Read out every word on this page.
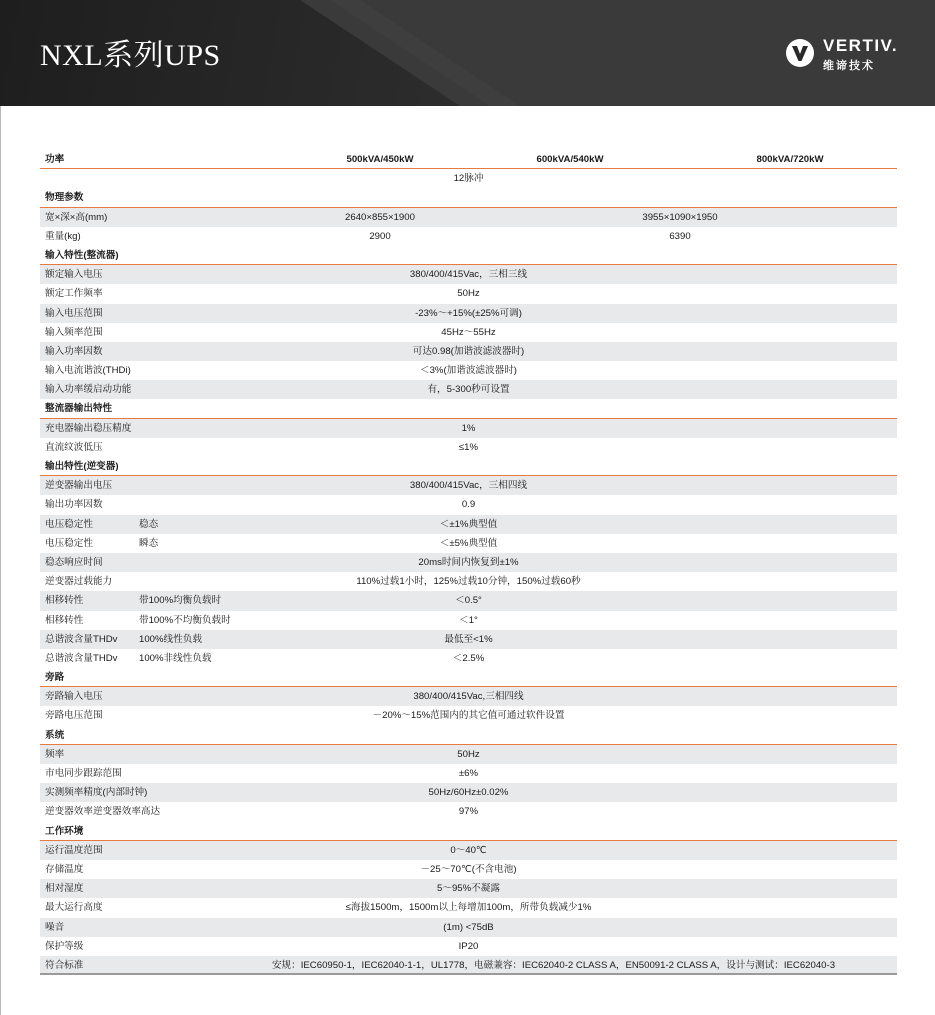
NXL系列UPS	VERTIV.
维谛技术
功率	500kVA/450kW	600kVA/540kW	800kVA/720kW
12脉冲
物理参数
宽×深×高(mm)	2640×855×1900	3955×1090×1950
重量(kg)	2900	6390
输入特性(整流器)
额定输入电压	380/400/415Vac，三相三线
额定工作频率	50Hz
输入电压范围	-23%～+15%(±25%可调)
输入频率范围	45Hz～55Hz
输入功率因数	可达0.98(加谐波滤波器时)
输入电流谐波(THDi)	＜3%(加谐波滤波器时)
输入功率缓启动功能	有，5-300秒可设置
整流器输出特性
充电器输出稳压精度	1%
直流纹波低压	≤1%
输出特性(逆变器)
逆变器输出电压	380/400/415Vac，三相四线
输出功率因数	0.9
电压稳定性	稳态	＜±1%典型值
电压稳定性	瞬态	＜±5%典型值
稳态响应时间	20ms时间内恢复到±1%
逆变器过载能力	110%过载1小时，125%过载10分钟，150%过载60秒
相移转性	带100%均衡负载时	＜0.5°
相移转性	带100%不均衡负载时	＜1°
总谐波含量THDv 100%线性负载	最低至<1%
总谐波含量THDv 100%非线性负载	＜2.5%
旁路
旁路输入电压	380/400/415Vac,三相四线
旁路电压范围	－20%～15%范围内的其它值可通过软件设置
系统
频率	50Hz
市电同步跟踪范围	±6%
实测频率精度(内部时钟)	50Hz/60Hz±0.02%
逆变器效率逆变器效率高达	97%
工作环境
运行温度范围	0～40℃
存储温度	－25～70℃(不含电池)
相对湿度	5～95%不凝露
最大运行高度	≤海拔1500m，1500m以上每增加100m，所带负载减少1%
噪音	(1m) <75dB
保护等级	IP20
符合标准	安规：IEC60950-1，IEC62040-1-1，UL1778，电磁兼容：IEC62040-2 CLASS A，EN50091-2 CLASS A，设计与测试：IEC62040-3
